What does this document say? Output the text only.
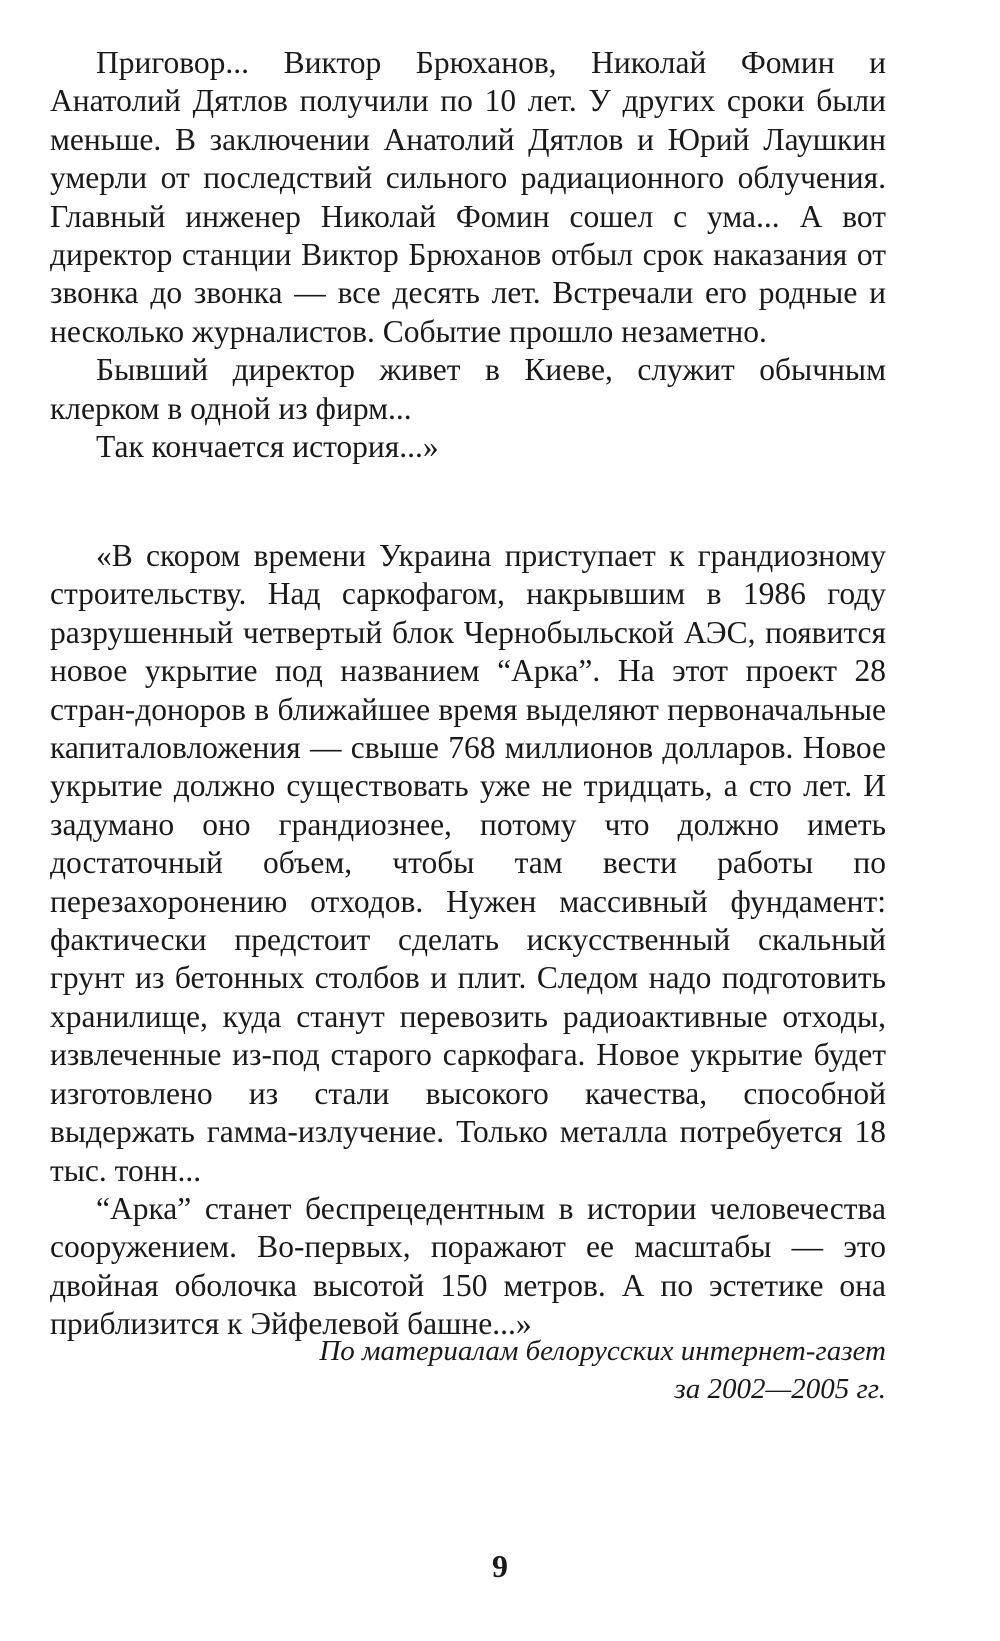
Приговор... Виктор Брюханов, Николай Фомин и Анатолий Дятлов получили по 10 лет. У других сроки были меньше. В заключении Анатолий Дятлов и Юрий Лаушкин умерли от последствий сильного радиационного облучения. Главный инженер Николай Фомин сошел с ума... А вот директор станции Виктор Брюханов отбыл срок наказания от звонка до звонка — все десять лет. Встречали его родные и несколько журналистов. Событие прошло незаметно.

Бывший директор живет в Киеве, служит обычным клерком в одной из фирм...

Так кончается история...»

«В скором времени Украина приступает к грандиозному строительству. Над саркофагом, накрывшим в 1986 году разрушенный четвертый блок Чернобыльской АЭС, появится новое укрытие под названием “Арка”. На этот проект 28 стран-доноров в ближайшее время выделяют первоначальные капиталовложения — свыше 768 миллионов долларов. Новое укрытие должно существовать уже не тридцать, а сто лет. И задумано оно грандиознее, потому что должно иметь достаточный объем, чтобы там вести работы по перезахоронению отходов. Нужен массивный фундамент: фактически предстоит сделать искусственный скальный грунт из бетонных столбов и плит. Следом надо подготовить хранилище, куда станут перевозить радиоактивные отходы, извлеченные из-под старого саркофага. Новое укрытие будет изготовлено из стали высокого качества, способной выдержать гамма-излучение. Только металла потребуется 18 тыс. тонн...

“Арка” станет беспрецедентным в истории человечества сооружением. Во-первых, поражают ее масштабы — это двойная оболочка высотой 150 метров. А по эстетике она приблизится к Эйфелевой башне...»

По материалам белорусских интернет-газет
за 2002—2005 гг.
9
